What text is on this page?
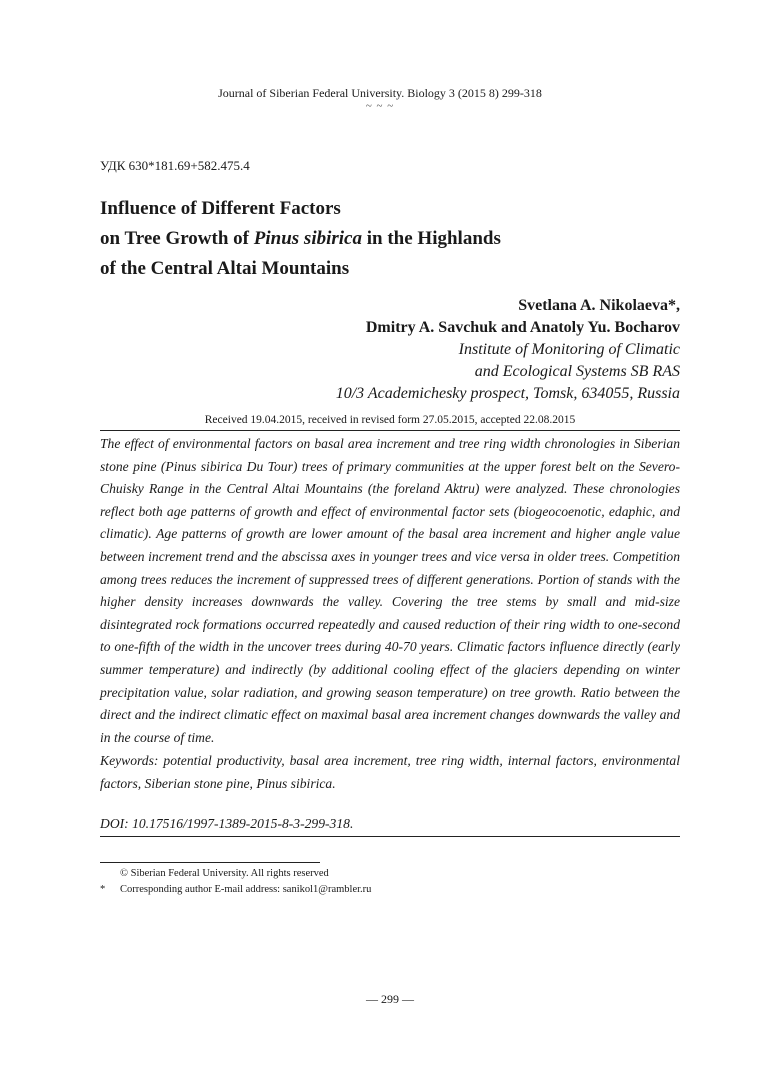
Journal of Siberian Federal University. Biology 3 (2015 8) 299-318
~ ~ ~
УДК 630*181.69+582.475.4
Influence of Different Factors
on Tree Growth of Pinus sibirica in the Highlands
of the Central Altai Mountains
Svetlana A. Nikolaeva*,
Dmitry A. Savchuk and Anatoly Yu. Bocharov
Institute of Monitoring of Climatic
and Ecological Systems SB RAS
10/3 Academichesky prospect, Tomsk, 634055, Russia
Received 19.04.2015, received in revised form 27.05.2015, accepted 22.08.2015

The effect of environmental factors on basal area increment and tree ring width chronologies in Siberian stone pine (Pinus sibirica Du Tour) trees of primary communities at the upper forest belt on the Severo-Chuisky Range in the Central Altai Mountains (the foreland Aktru) were analyzed. These chronologies reflect both age patterns of growth and effect of environmental factor sets (biogeocoenotic, edaphic, and climatic). Age patterns of growth are lower amount of the basal area increment and higher angle value between increment trend and the abscissa axes in younger trees and vice versa in older trees. Competition among trees reduces the increment of suppressed trees of different generations. Portion of stands with the higher density increases downwards the valley. Covering the tree stems by small and mid-size disintegrated rock formations occurred repeatedly and caused reduction of their ring width to one-second to one-fifth of the width in the uncover trees during 40-70 years. Climatic factors influence directly (early summer temperature) and indirectly (by additional cooling effect of the glaciers depending on winter precipitation value, solar radiation, and growing season temperature) on tree growth. Ratio between the direct and the indirect climatic effect on maximal basal area increment changes downwards the valley and in the course of time.

Keywords: potential productivity, basal area increment, tree ring width, internal factors, environmental factors, Siberian stone pine, Pinus sibirica.

DOI: 10.17516/1997-1389-2015-8-3-299-318.
© Siberian Federal University. All rights reserved
* Corresponding author E-mail address: sanikol1@rambler.ru
— 299 —
